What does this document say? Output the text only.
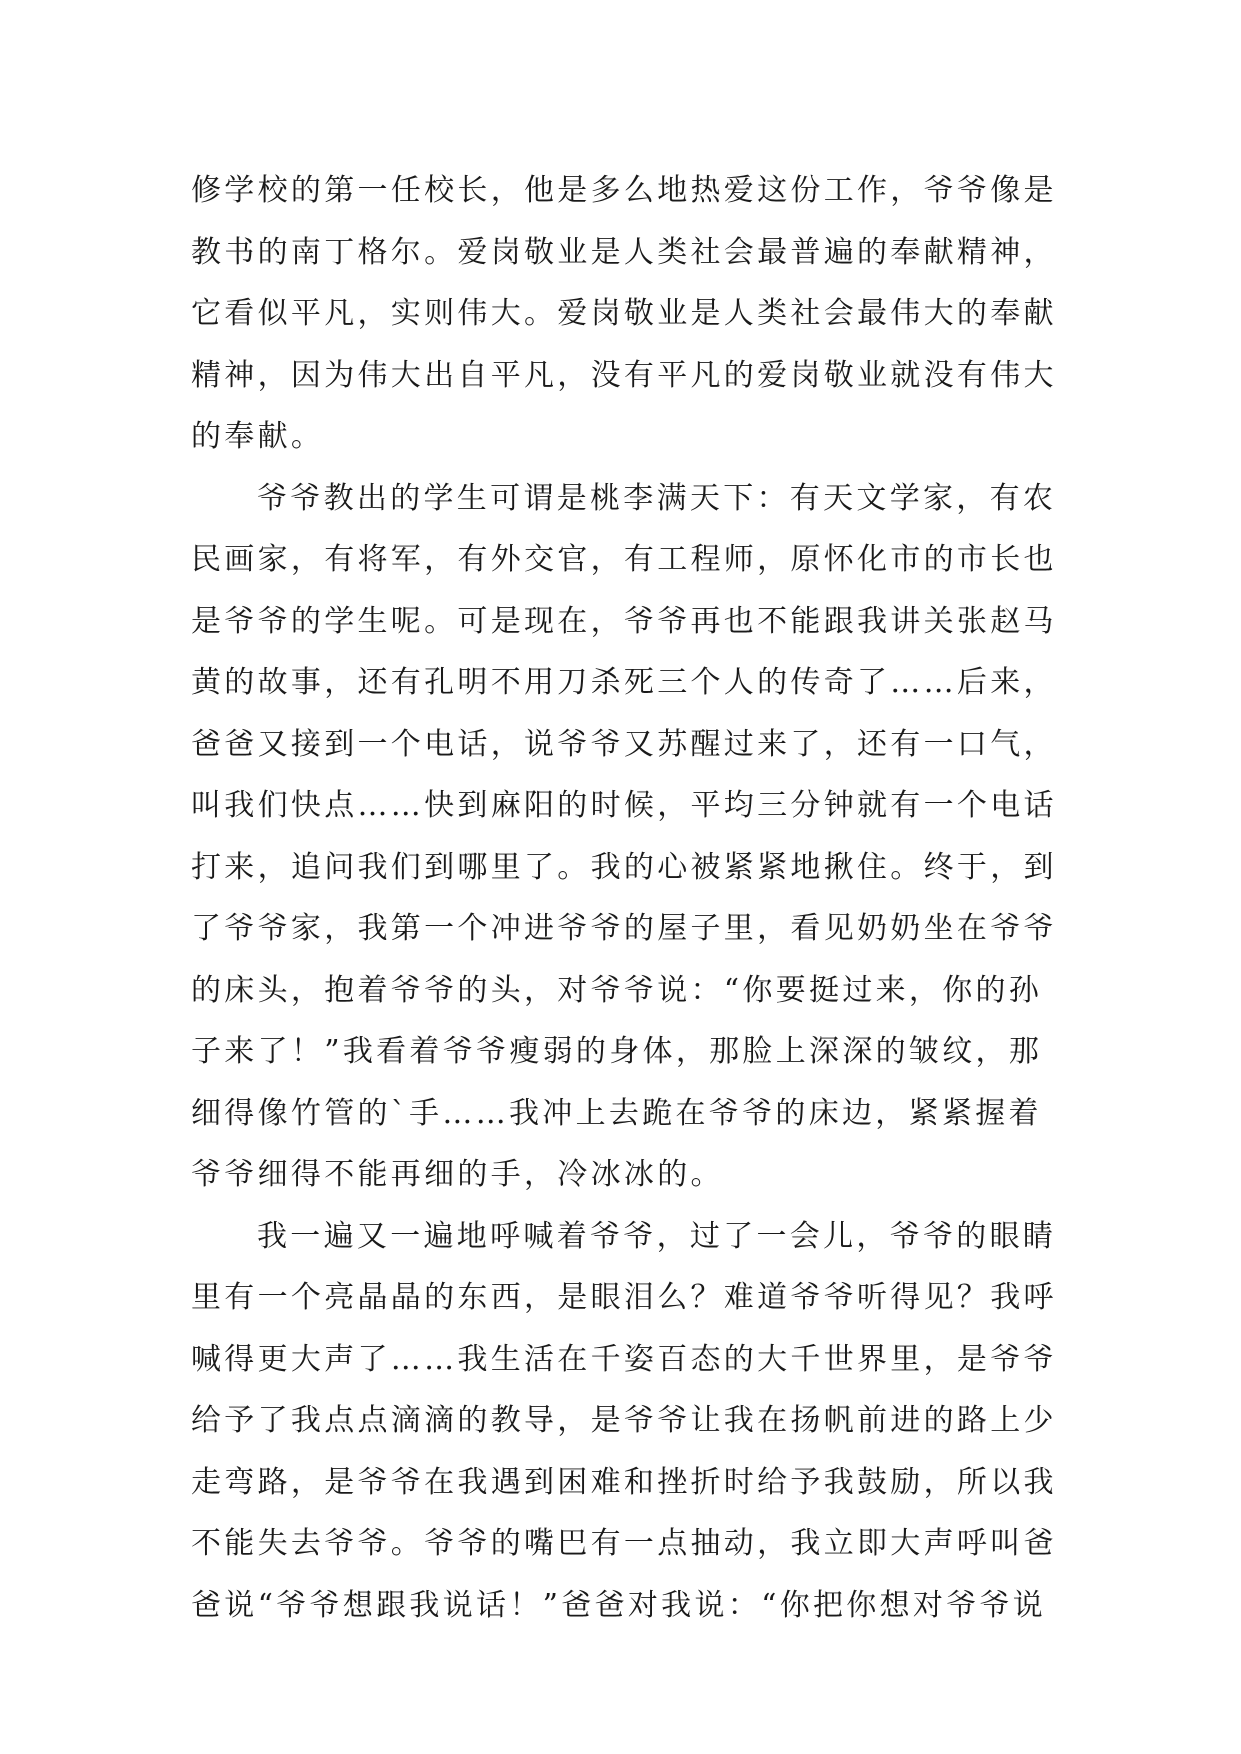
修学校的第一任校长，他是多么地热爱这份工作，爷爷像是
教书的南丁格尔。爱岗敬业是人类社会最普遍的奉献精神，
它看似平凡，实则伟大。爱岗敬业是人类社会最伟大的奉献
精神，因为伟大出自平凡，没有平凡的爱岗敬业就没有伟大
的奉献。
爷爷教出的学生可谓是桃李满天下：有天文学家，有农
民画家，有将军，有外交官，有工程师，原怀化市的市长也
是爷爷的学生呢。可是现在，爷爷再也不能跟我讲关张赵马
黄的故事，还有孔明不用刀杀死三个人的传奇了……后来，
爸爸又接到一个电话，说爷爷又苏醒过来了，还有一口气，
叫我们快点……快到麻阳的时候，平均三分钟就有一个电话
打来，追问我们到哪里了。我的心被紧紧地揪住。终于，到
了爷爷家，我第一个冲进爷爷的屋子里，看见奶奶坐在爷爷
的床头，抱着爷爷的头，对爷爷说：“你要挺过来，你的孙
子来了！”我看着爷爷瘦弱的身体，那脸上深深的皱纹，那
细得像竹管的`手……我冲上去跪在爷爷的床边，紧紧握着
爷爷细得不能再细的手，冷冰冰的。
我一遍又一遍地呼喊着爷爷，过了一会儿，爷爷的眼睛
里有一个亮晶晶的东西，是眼泪么？难道爷爷听得见？我呼
喊得更大声了……我生活在千姿百态的大千世界里，是爷爷
给予了我点点滴滴的教导，是爷爷让我在扬帆前进的路上少
走弯路，是爷爷在我遇到困难和挫折时给予我鼓励，所以我
不能失去爷爷。爷爷的嘴巴有一点抽动，我立即大声呼叫爸
爸说“爷爷想跟我说话！”爸爸对我说：“你把你想对爷爷说
